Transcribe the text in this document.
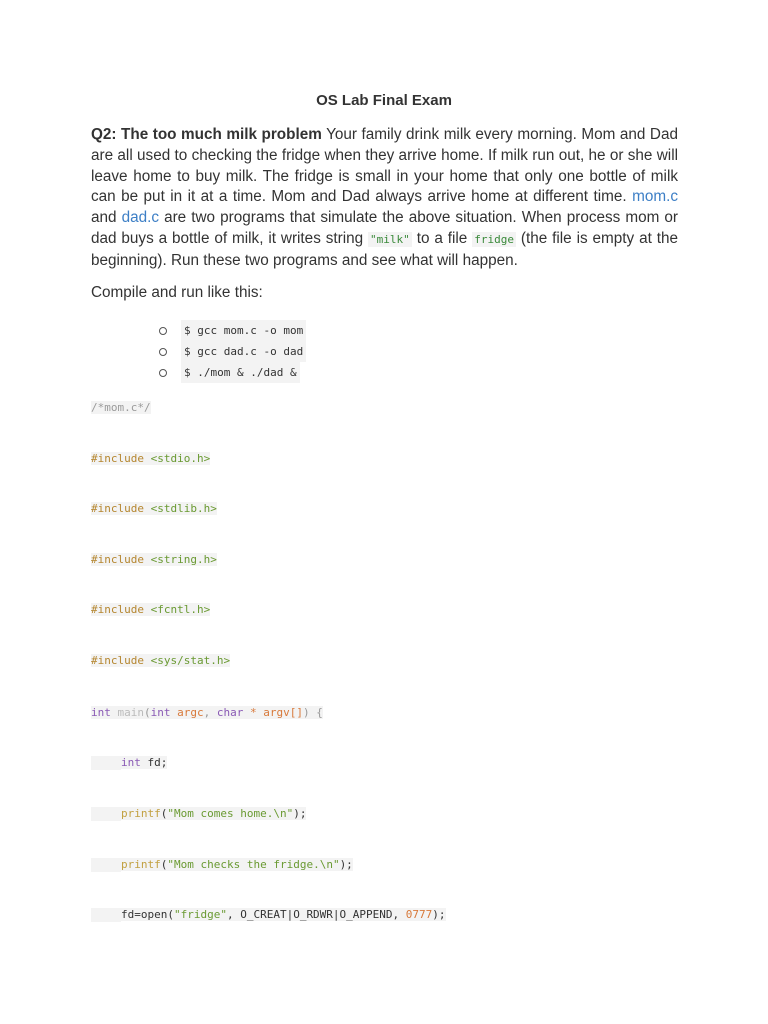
OS Lab Final Exam
Q2: The too much milk problem Your family drink milk every morning. Mom and Dad are all used to checking the fridge when they arrive home. If milk run out, he or she will leave home to buy milk. The fridge is small in your home that only one bottle of milk can be put in it at a time. Mom and Dad always arrive home at different time. mom.c and dad.c are two programs that simulate the above situation. When process mom or dad buys a bottle of milk, it writes string "milk" to a file fridge (the file is empty at the beginning). Run these two programs and see what will happen.
Compile and run like this:
$ gcc mom.c -o mom
$ gcc dad.c -o dad
$ ./mom & ./dad &
/*mom.c*/
#include <stdio.h>
#include <stdlib.h>
#include <string.h>
#include <fcntl.h>
#include <sys/stat.h>
int main(int argc, char * argv[]) {
int fd;
printf("Mom comes home.\n");
printf("Mom checks the fridge.\n");
fd=open("fridge", O_CREAT|O_RDWR|O_APPEND, 0777);
